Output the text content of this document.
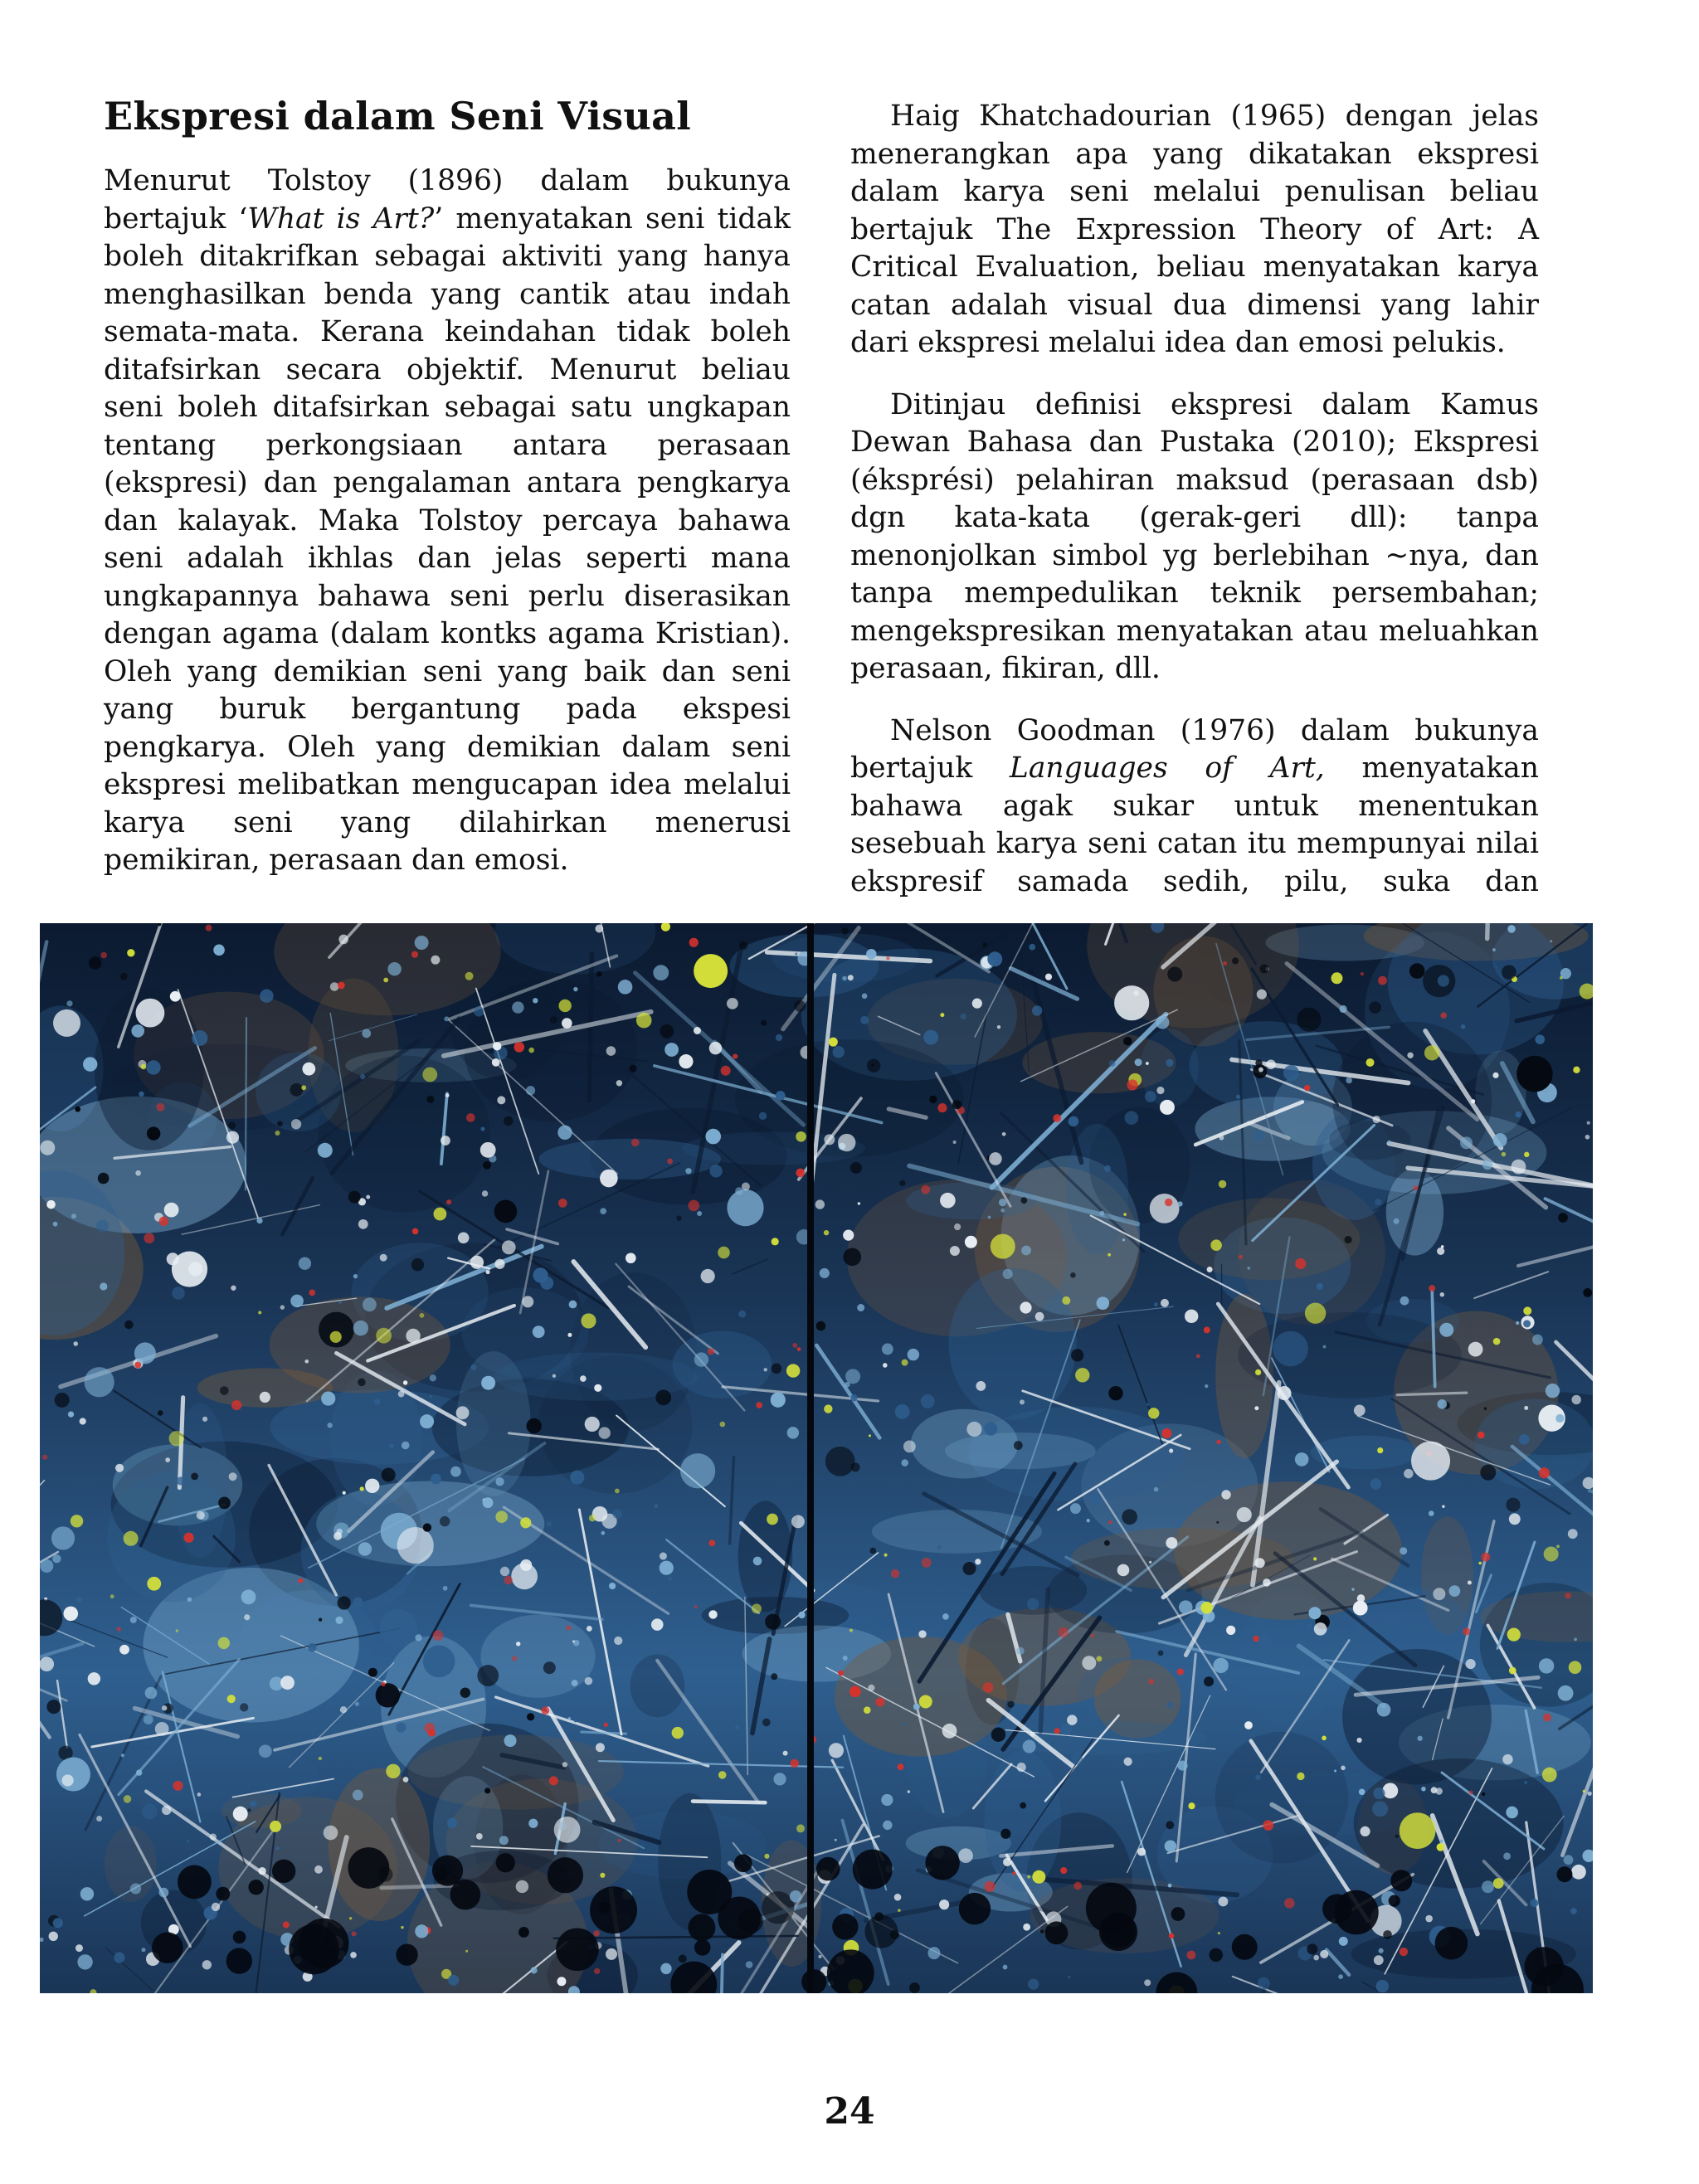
Ekspresi dalam Seni Visual

Menurut Tolstoy (1896) dalam bukunya bertajuk ‘What is Art?’ menyatakan seni tidak boleh ditakrifkan sebagai aktiviti yang hanya menghasilkan benda yang cantik atau indah semata-mata. Kerana keindahan tidak boleh ditafsirkan secara objektif. Menurut beliau seni boleh ditafsirkan sebagai satu ungkapan tentang perkongsiaan antara perasaan (ekspresi) dan pengalaman antara pengkarya dan kalayak. Maka Tolstoy percaya bahawa seni adalah ikhlas dan jelas seperti mana ungkapannya bahawa seni perlu diserasikan dengan agama (dalam kontks agama Kristian). Oleh yang demikian seni yang baik dan seni yang buruk bergantung pada ekspesi pengkarya. Oleh yang demikian dalam seni ekspresi melibatkan mengucapan idea melalui karya seni yang dilahirkan menerusi pemikiran, perasaan dan emosi.

Haig Khatchadourian (1965) dengan jelas menerangkan apa yang dikatakan ekspresi dalam karya seni melalui penulisan beliau bertajuk The Expression Theory of Art: A Critical Evaluation, beliau menyatakan karya catan adalah visual dua dimensi yang lahir dari ekspresi melalui idea dan emosi pelukis.

Ditinjau definisi ekspresi dalam Kamus Dewan Bahasa dan Pustaka (2010); Ekspresi (éksprési) pelahiran maksud (perasaan dsb) dgn kata-kata (gerak-geri dll): tanpa menonjolkan simbol yg berlebihan ~nya, dan tanpa mempedulikan teknik persembahan; mengekspresikan menyatakan atau meluahkan perasaan, fikiran, dll.

Nelson Goodman (1976) dalam bukunya bertajuk Languages of Art, menyatakan bahawa agak sukar untuk menentukan sesebuah karya seni catan itu mempunyai nilai ekspresif samada sedih, pilu, suka dan

24
